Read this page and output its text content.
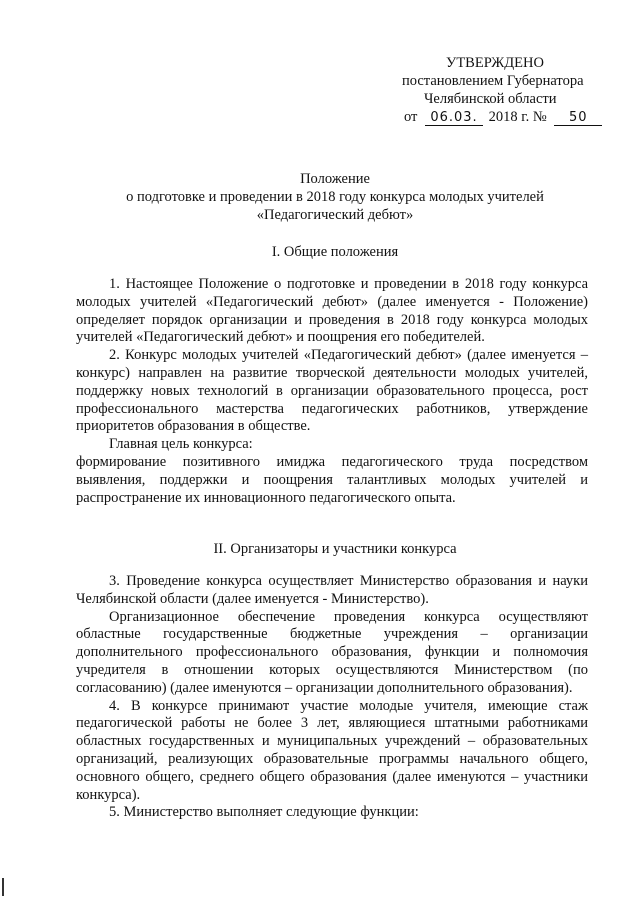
УТВЕРЖДЕНО
постановлением Губернатора
Челябинской области
от 06.03. 2018 г. № 50
Положение
о подготовке и проведении в 2018 году конкурса молодых учителей
«Педагогический дебют»
I. Общие положения

1. Настоящее Положение о подготовке и проведении в 2018 году конкурса молодых учителей «Педагогический дебют» (далее именуется - Положение) определяет порядок организации и проведения в 2018 году конкурса молодых учителей «Педагогический дебют» и поощрения его победителей.

2. Конкурс молодых учителей «Педагогический дебют» (далее именуется – конкурс) направлен на развитие творческой деятельности молодых учителей, поддержку новых технологий в организации образовательного процесса, рост профессионального мастерства педагогических работников, утверждение приоритетов образования в обществе.

Главная цель конкурса:

формирование позитивного имиджа педагогического труда посредством выявления, поддержки и поощрения талантливых молодых учителей и распространение их инновационного педагогического опыта.

II. Организаторы и участники конкурса

3. Проведение конкурса осуществляет Министерство образования и науки Челябинской области (далее именуется - Министерство).

Организационное обеспечение проведения конкурса осуществляют областные государственные бюджетные учреждения – организации дополнительного профессионального образования, функции и полномочия учредителя в отношении которых осуществляются Министерством (по согласованию) (далее именуются – организации дополнительного образования).

4. В конкурсе принимают участие молодые учителя, имеющие стаж педагогической работы не более 3 лет, являющиеся штатными работниками областных государственных и муниципальных учреждений – образовательных организаций, реализующих образовательные программы начального общего, основного общего, среднего общего образования (далее именуются – участники конкурса).

5. Министерство выполняет следующие функции:
